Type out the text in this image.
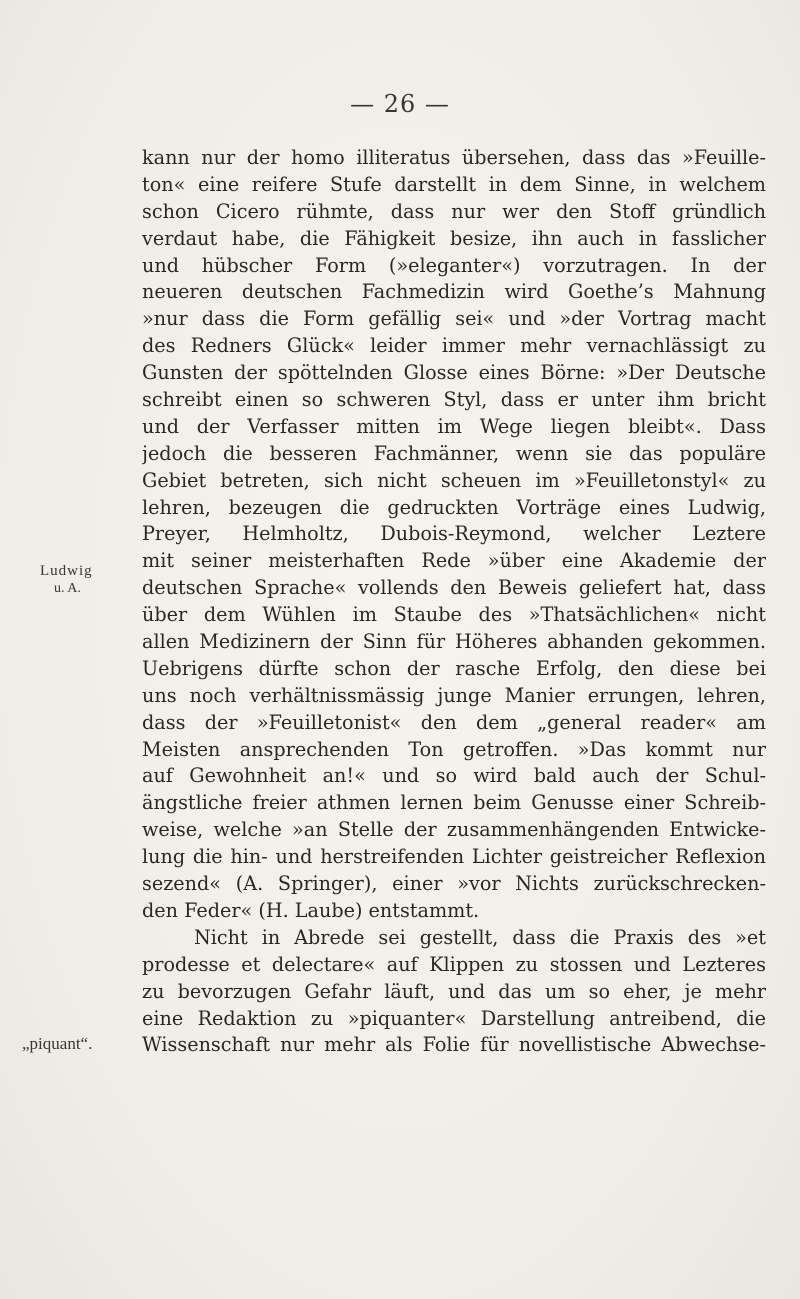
— 26 —
Ludwig
u. A.
„piquant“.
kann nur der homo illiteratus übersehen, dass das »Feuille-
ton« eine reifere Stufe darstellt in dem Sinne, in welchem
schon Cicero rühmte, dass nur wer den Stoff gründlich
verdaut habe, die Fähigkeit besize, ihn auch in fasslicher
und hübscher Form (»eleganter«) vorzutragen. In der
neueren deutschen Fachmedizin wird Goethe’s Mahnung
»nur dass die Form gefällig sei« und »der Vortrag macht
des Redners Glück« leider immer mehr vernachlässigt zu
Gunsten der spöttelnden Glosse eines Börne: »Der Deutsche
schreibt einen so schweren Styl, dass er unter ihm bricht
und der Verfasser mitten im Wege liegen bleibt«. Dass
jedoch die besseren Fachmänner, wenn sie das populäre
Gebiet betreten, sich nicht scheuen im »Feuilletonstyl« zu
lehren, bezeugen die gedruckten Vorträge eines Ludwig,
Preyer, Helmholtz, Dubois-Reymond, welcher Leztere
mit seiner meisterhaften Rede »über eine Akademie der
deutschen Sprache« vollends den Beweis geliefert hat, dass
über dem Wühlen im Staube des »Thatsächlichen« nicht
allen Medizinern der Sinn für Höheres abhanden gekommen.
Uebrigens dürfte schon der rasche Erfolg, den diese bei
uns noch verhältnissmässig junge Manier errungen, lehren,
dass der »Feuilletonist« den dem „general reader« am
Meisten ansprechenden Ton getroffen. »Das kommt nur
auf Gewohnheit an!« und so wird bald auch der Schul-
ängstliche freier athmen lernen beim Genusse einer Schreib-
weise, welche »an Stelle der zusammenhängenden Entwicke-
lung die hin- und herstreifenden Lichter geistreicher Reflexion
sezend« (A. Springer), einer »vor Nichts zurückschrecken-
den Feder« (H. Laube) entstammt.
Nicht in Abrede sei gestellt, dass die Praxis des »et
prodesse et delectare« auf Klippen zu stossen und Lezteres
zu bevorzugen Gefahr läuft, und das um so eher, je mehr
eine Redaktion zu »piquanter« Darstellung antreibend, die
Wissenschaft nur mehr als Folie für novellistische Abwechse-
